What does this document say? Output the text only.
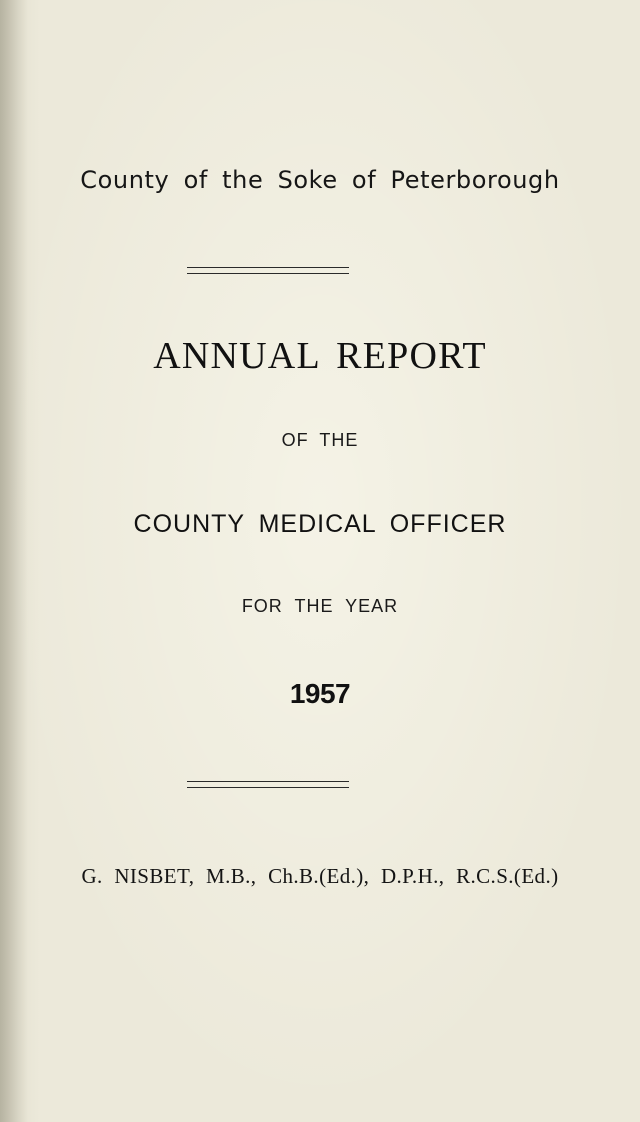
County of the Soke of Peterborough
ANNUAL REPORT
OF THE
COUNTY MEDICAL OFFICER
FOR THE YEAR
1957
G. NISBET, M.B., Ch.B.(Ed.), D.P.H., R.C.S.(Ed.)
